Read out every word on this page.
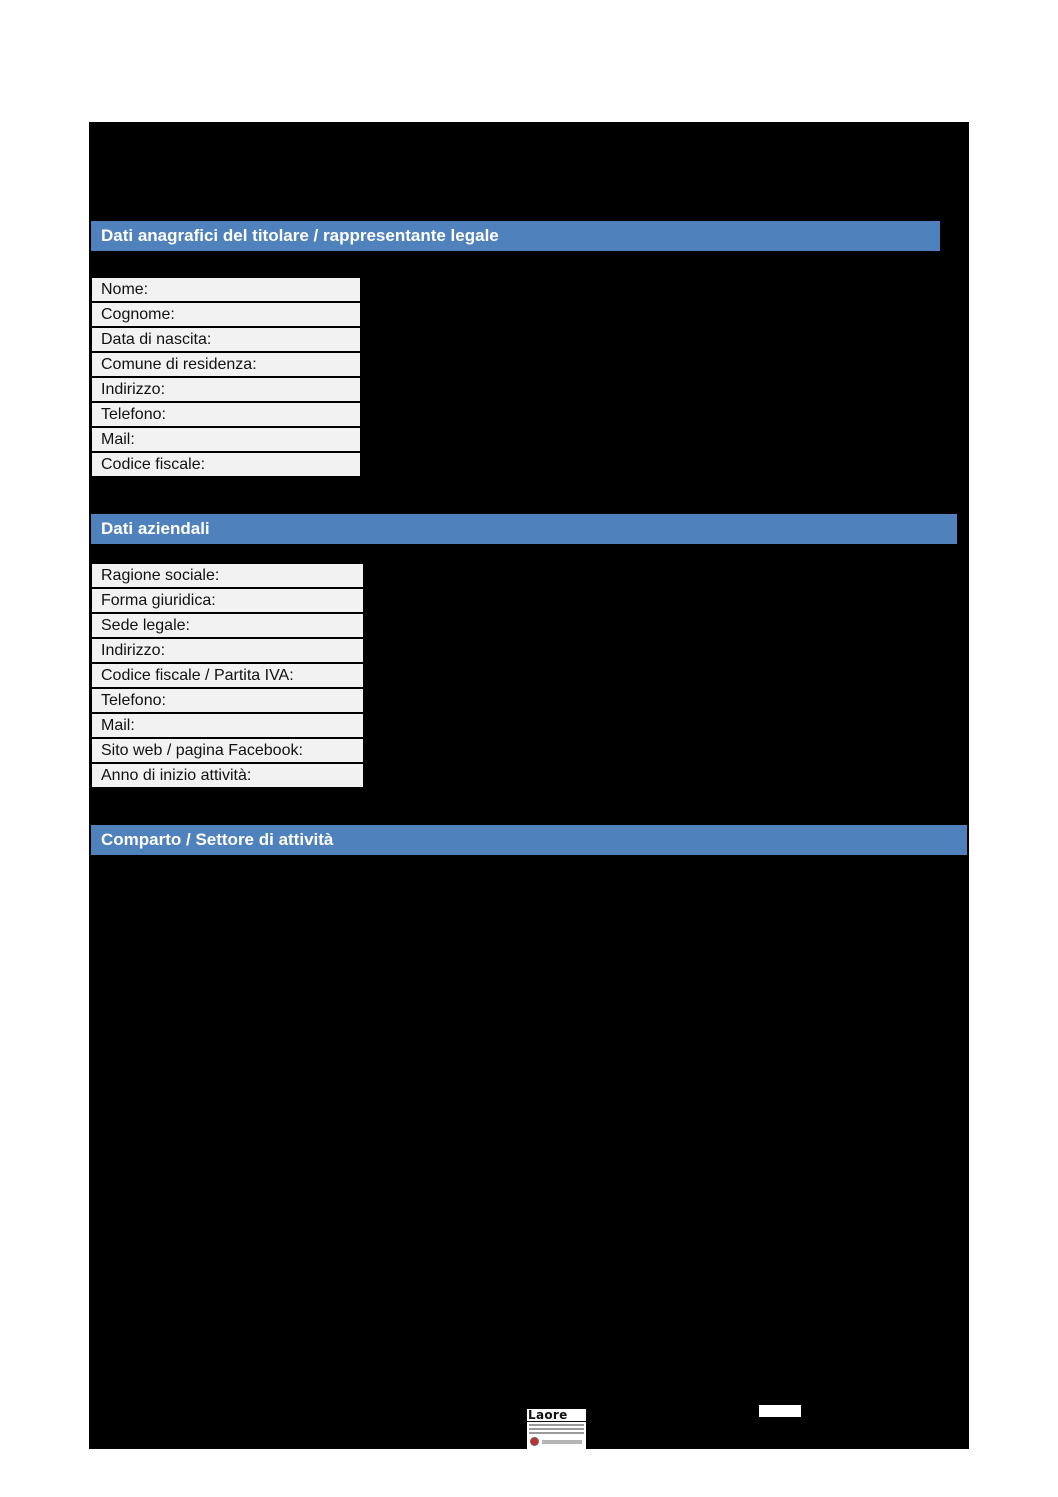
Dati anagrafici del titolare / rappresentante legale
Nome:
Cognome:
Data di nascita:
Comune di residenza:
Indirizzo:
Telefono:
Mail:
Codice fiscale:
Dati aziendali
Ragione sociale:
Forma giuridica:
Sede legale:
Indirizzo:
Codice fiscale / Partita IVA:
Telefono:
Mail:
Sito web / pagina Facebook:
Anno di inizio attività:
Comparto / Settore di attività
Laore
